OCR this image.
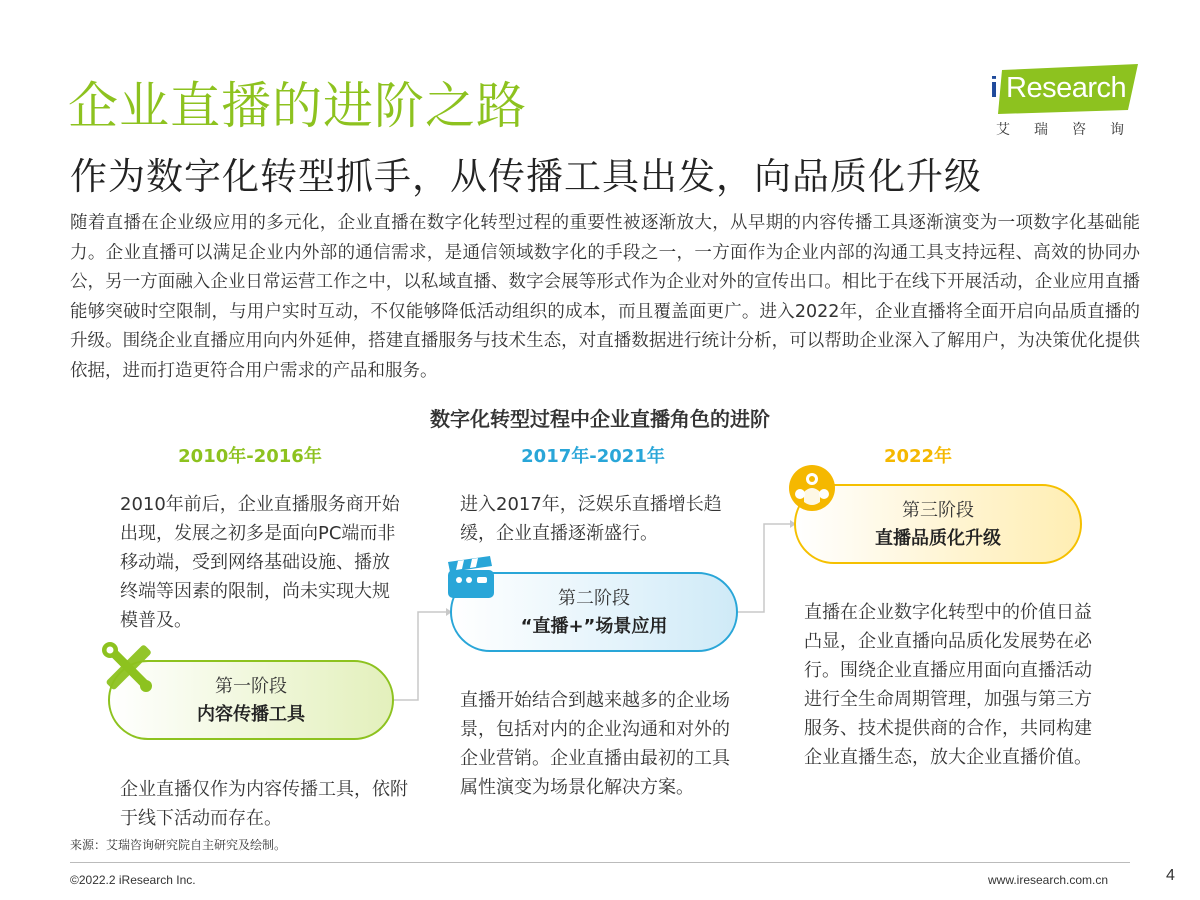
企业直播的进阶之路
作为数字化转型抓手，从传播工具出发，向品质化升级
i Research
艾瑞咨询

随着直播在企业级应用的多元化，企业直播在数字化转型过程的重要性被逐渐放大，从早期的内容传播工具逐渐演变为一项数字化基础能力。企业直播可以满足企业内外部的通信需求，是通信领域数字化的手段之一，一方面作为企业内部的沟通工具支持远程、高效的协同办公，另一方面融入企业日常运营工作之中，以私域直播、数字会展等形式作为企业对外的宣传出口。相比于在线下开展活动，企业应用直播能够突破时空限制，与用户实时互动，不仅能够降低活动组织的成本，而且覆盖面更广。进入2022年，企业直播将全面开启向品质直播的升级。围绕企业直播应用向内外延伸，搭建直播服务与技术生态，对直播数据进行统计分析，可以帮助企业深入了解用户，为决策优化提供依据，进而打造更符合用户需求的产品和服务。

数字化转型过程中企业直播角色的进阶
2010年-2016年	2017年-2021年	2022年

2010年前后，企业直播服务商开始出现，发展之初多是面向PC端而非移动端，受到网络基础设施、播放终端等因素的限制，尚未实现大规模普及。

企业直播仅作为内容传播工具，依附于线下活动而存在。

进入2017年，泛娱乐直播增长趋缓，企业直播逐渐盛行。

直播开始结合到越来越多的企业场景，包括对内的企业沟通和对外的企业营销。企业直播由最初的工具属性演变为场景化解决方案。

直播在企业数字化转型中的价值日益凸显，企业直播向品质化发展势在必行。围绕企业直播应用面向直播活动进行全生命周期管理，加强与第三方服务、技术提供商的合作，共同构建企业直播生态，放大企业直播价值。

第一阶段
内容传播工具
第二阶段
“直播+”场景应用
第三阶段
直播品质化升级
来源：艾瑞咨询研究院自主研究及绘制。
©2022.2 iResearch Inc.	www.iresearch.com.cn	4
